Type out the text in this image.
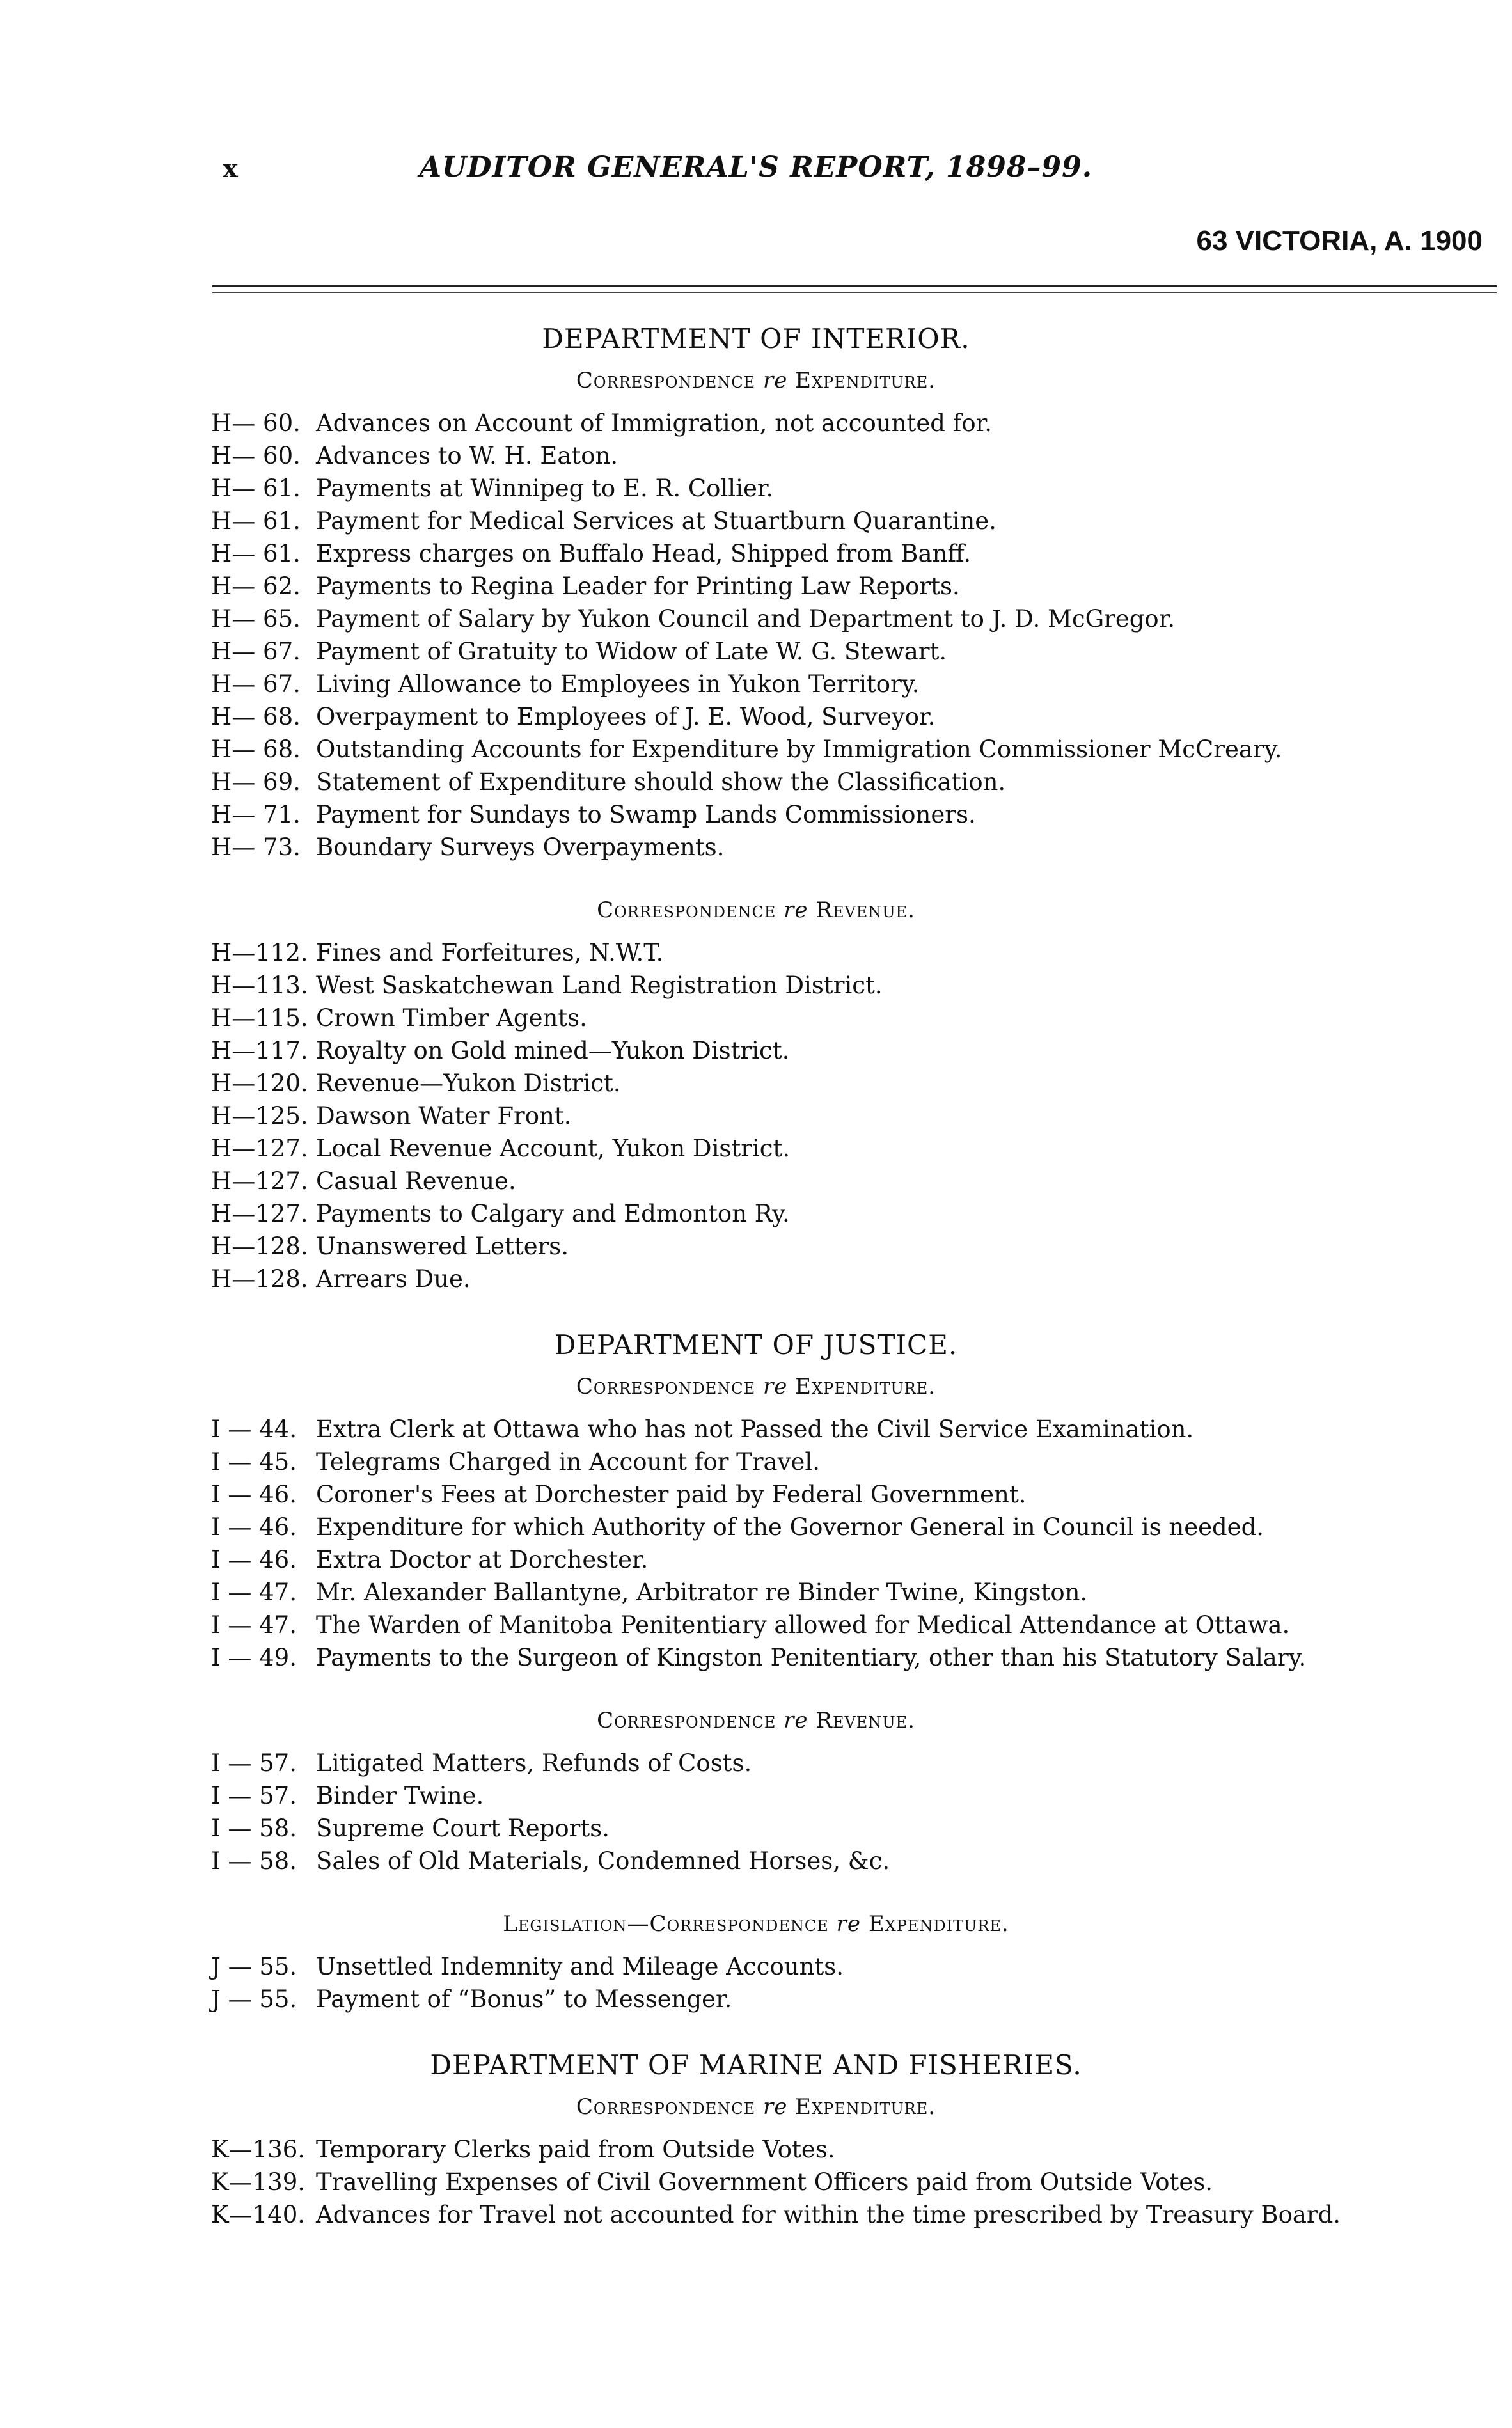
x	AUDITOR GENERAL'S REPORT, 1898–99.
63 VICTORIA, A. 1900
DEPARTMENT OF INTERIOR.
Correspondence re Expenditure.
H— 60. Advances on Account of Immigration, not accounted for.
H— 60. Advances to W. H. Eaton.
H— 61. Payments at Winnipeg to E. R. Collier.
H— 61. Payment for Medical Services at Stuartburn Quarantine.
H— 61. Express charges on Buffalo Head, Shipped from Banff.
H— 62. Payments to Regina Leader for Printing Law Reports.
H— 65. Payment of Salary by Yukon Council and Department to J. D. McGregor.
H— 67. Payment of Gratuity to Widow of Late W. G. Stewart.
H— 67. Living Allowance to Employees in Yukon Territory.
H— 68. Overpayment to Employees of J. E. Wood, Surveyor.
H— 68. Outstanding Accounts for Expenditure by Immigration Commissioner McCreary.
H— 69. Statement of Expenditure should show the Classification.
H— 71. Payment for Sundays to Swamp Lands Commissioners.
H— 73. Boundary Surveys Overpayments.
Correspondence re Revenue.
H—112. Fines and Forfeitures, N.W.T.
H—113. West Saskatchewan Land Registration District.
H—115. Crown Timber Agents.
H—117. Royalty on Gold mined—Yukon District.
H—120. Revenue—Yukon District.
H—125. Dawson Water Front.
H—127. Local Revenue Account, Yukon District.
H—127. Casual Revenue.
H—127. Payments to Calgary and Edmonton Ry.
H—128. Unanswered Letters.
H—128. Arrears Due.
DEPARTMENT OF JUSTICE.
Correspondence re Expenditure.
I — 44. Extra Clerk at Ottawa who has not Passed the Civil Service Examination.
I — 45. Telegrams Charged in Account for Travel.
I — 46. Coroner's Fees at Dorchester paid by Federal Government.
I — 46. Expenditure for which Authority of the Governor General in Council is needed.
I — 46. Extra Doctor at Dorchester.
I — 47. Mr. Alexander Ballantyne, Arbitrator re Binder Twine, Kingston.
I — 47. The Warden of Manitoba Penitentiary allowed for Medical Attendance at Ottawa.
I — 49. Payments to the Surgeon of Kingston Penitentiary, other than his Statutory Salary.
Correspondence re Revenue.
I — 57. Litigated Matters, Refunds of Costs.
I — 57. Binder Twine.
I — 58. Supreme Court Reports.
I — 58. Sales of Old Materials, Condemned Horses, &c.
Legislation—Correspondence re Expenditure.
J — 55. Unsettled Indemnity and Mileage Accounts.
J — 55. Payment of “Bonus” to Messenger.
DEPARTMENT OF MARINE AND FISHERIES.
Correspondence re Expenditure.
K—136. Temporary Clerks paid from Outside Votes.
K—139. Travelling Expenses of Civil Government Officers paid from Outside Votes.
K—140. Advances for Travel not accounted for within the time prescribed by Treasury Board.
